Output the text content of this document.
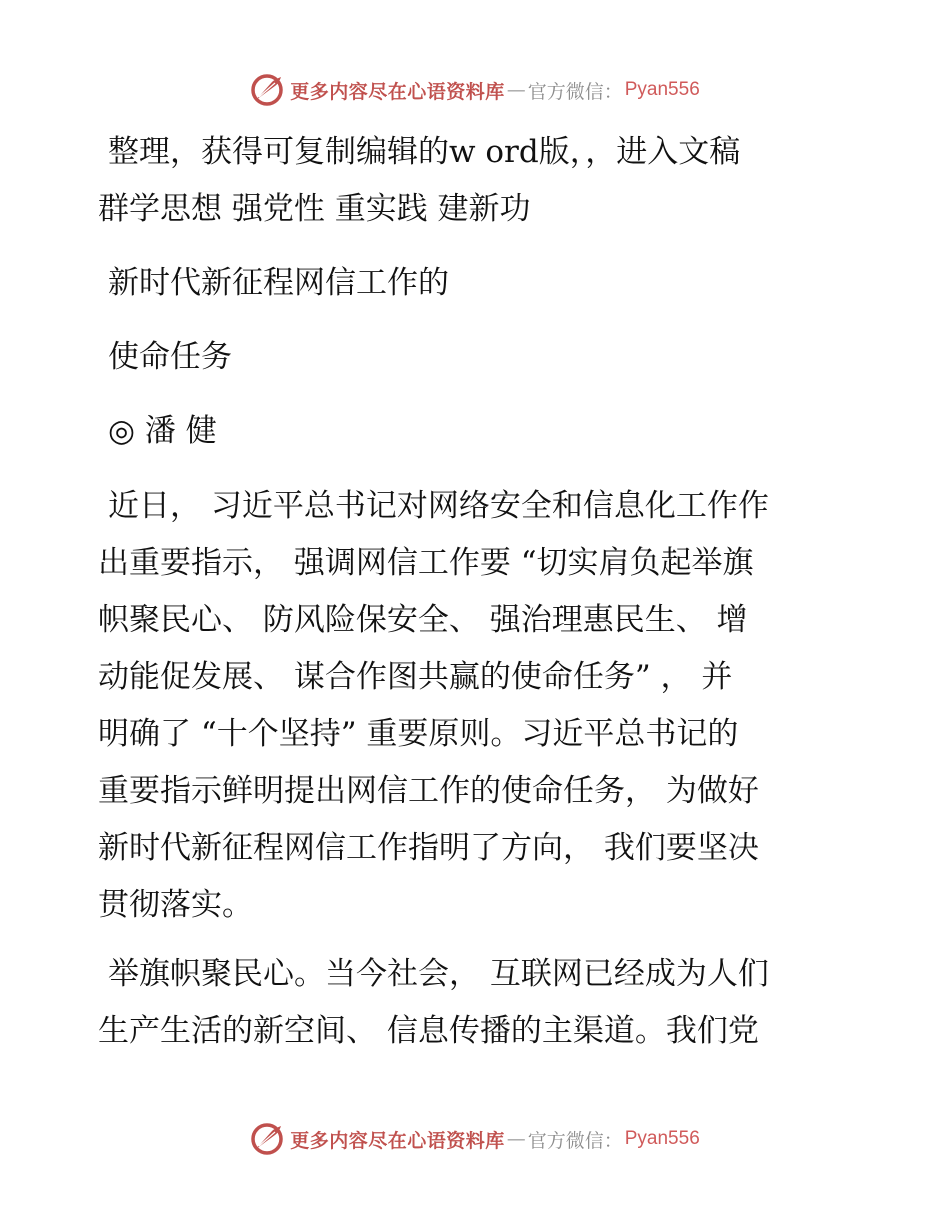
更多内容尽在心语资料库 — 官方微信： Pyan556
整理，获得可复制编辑的w ord版，，进入文稿
群学思想 强党性 重实践 建新功
新时代新征程网信工作的
使命任务
◎ 潘 健
近日， 习近平总书记对网络安全和信息化工作作
出重要指示， 强调网信工作要 “切实肩负起举旗
帜聚民心、 防风险保安全、 强治理惠民生、 增
动能促发展、 谋合作图共赢的使命任务” ， 并
明确了 “十个坚持” 重要原则。习近平总书记的
重要指示鲜明提出网信工作的使命任务， 为做好
新时代新征程网信工作指明了方向， 我们要坚决
贯彻落实。
举旗帜聚民心。当今社会， 互联网已经成为人们
生产生活的新空间、 信息传播的主渠道。我们党
更多内容尽在心语资料库 — 官方微信： Pyan556
